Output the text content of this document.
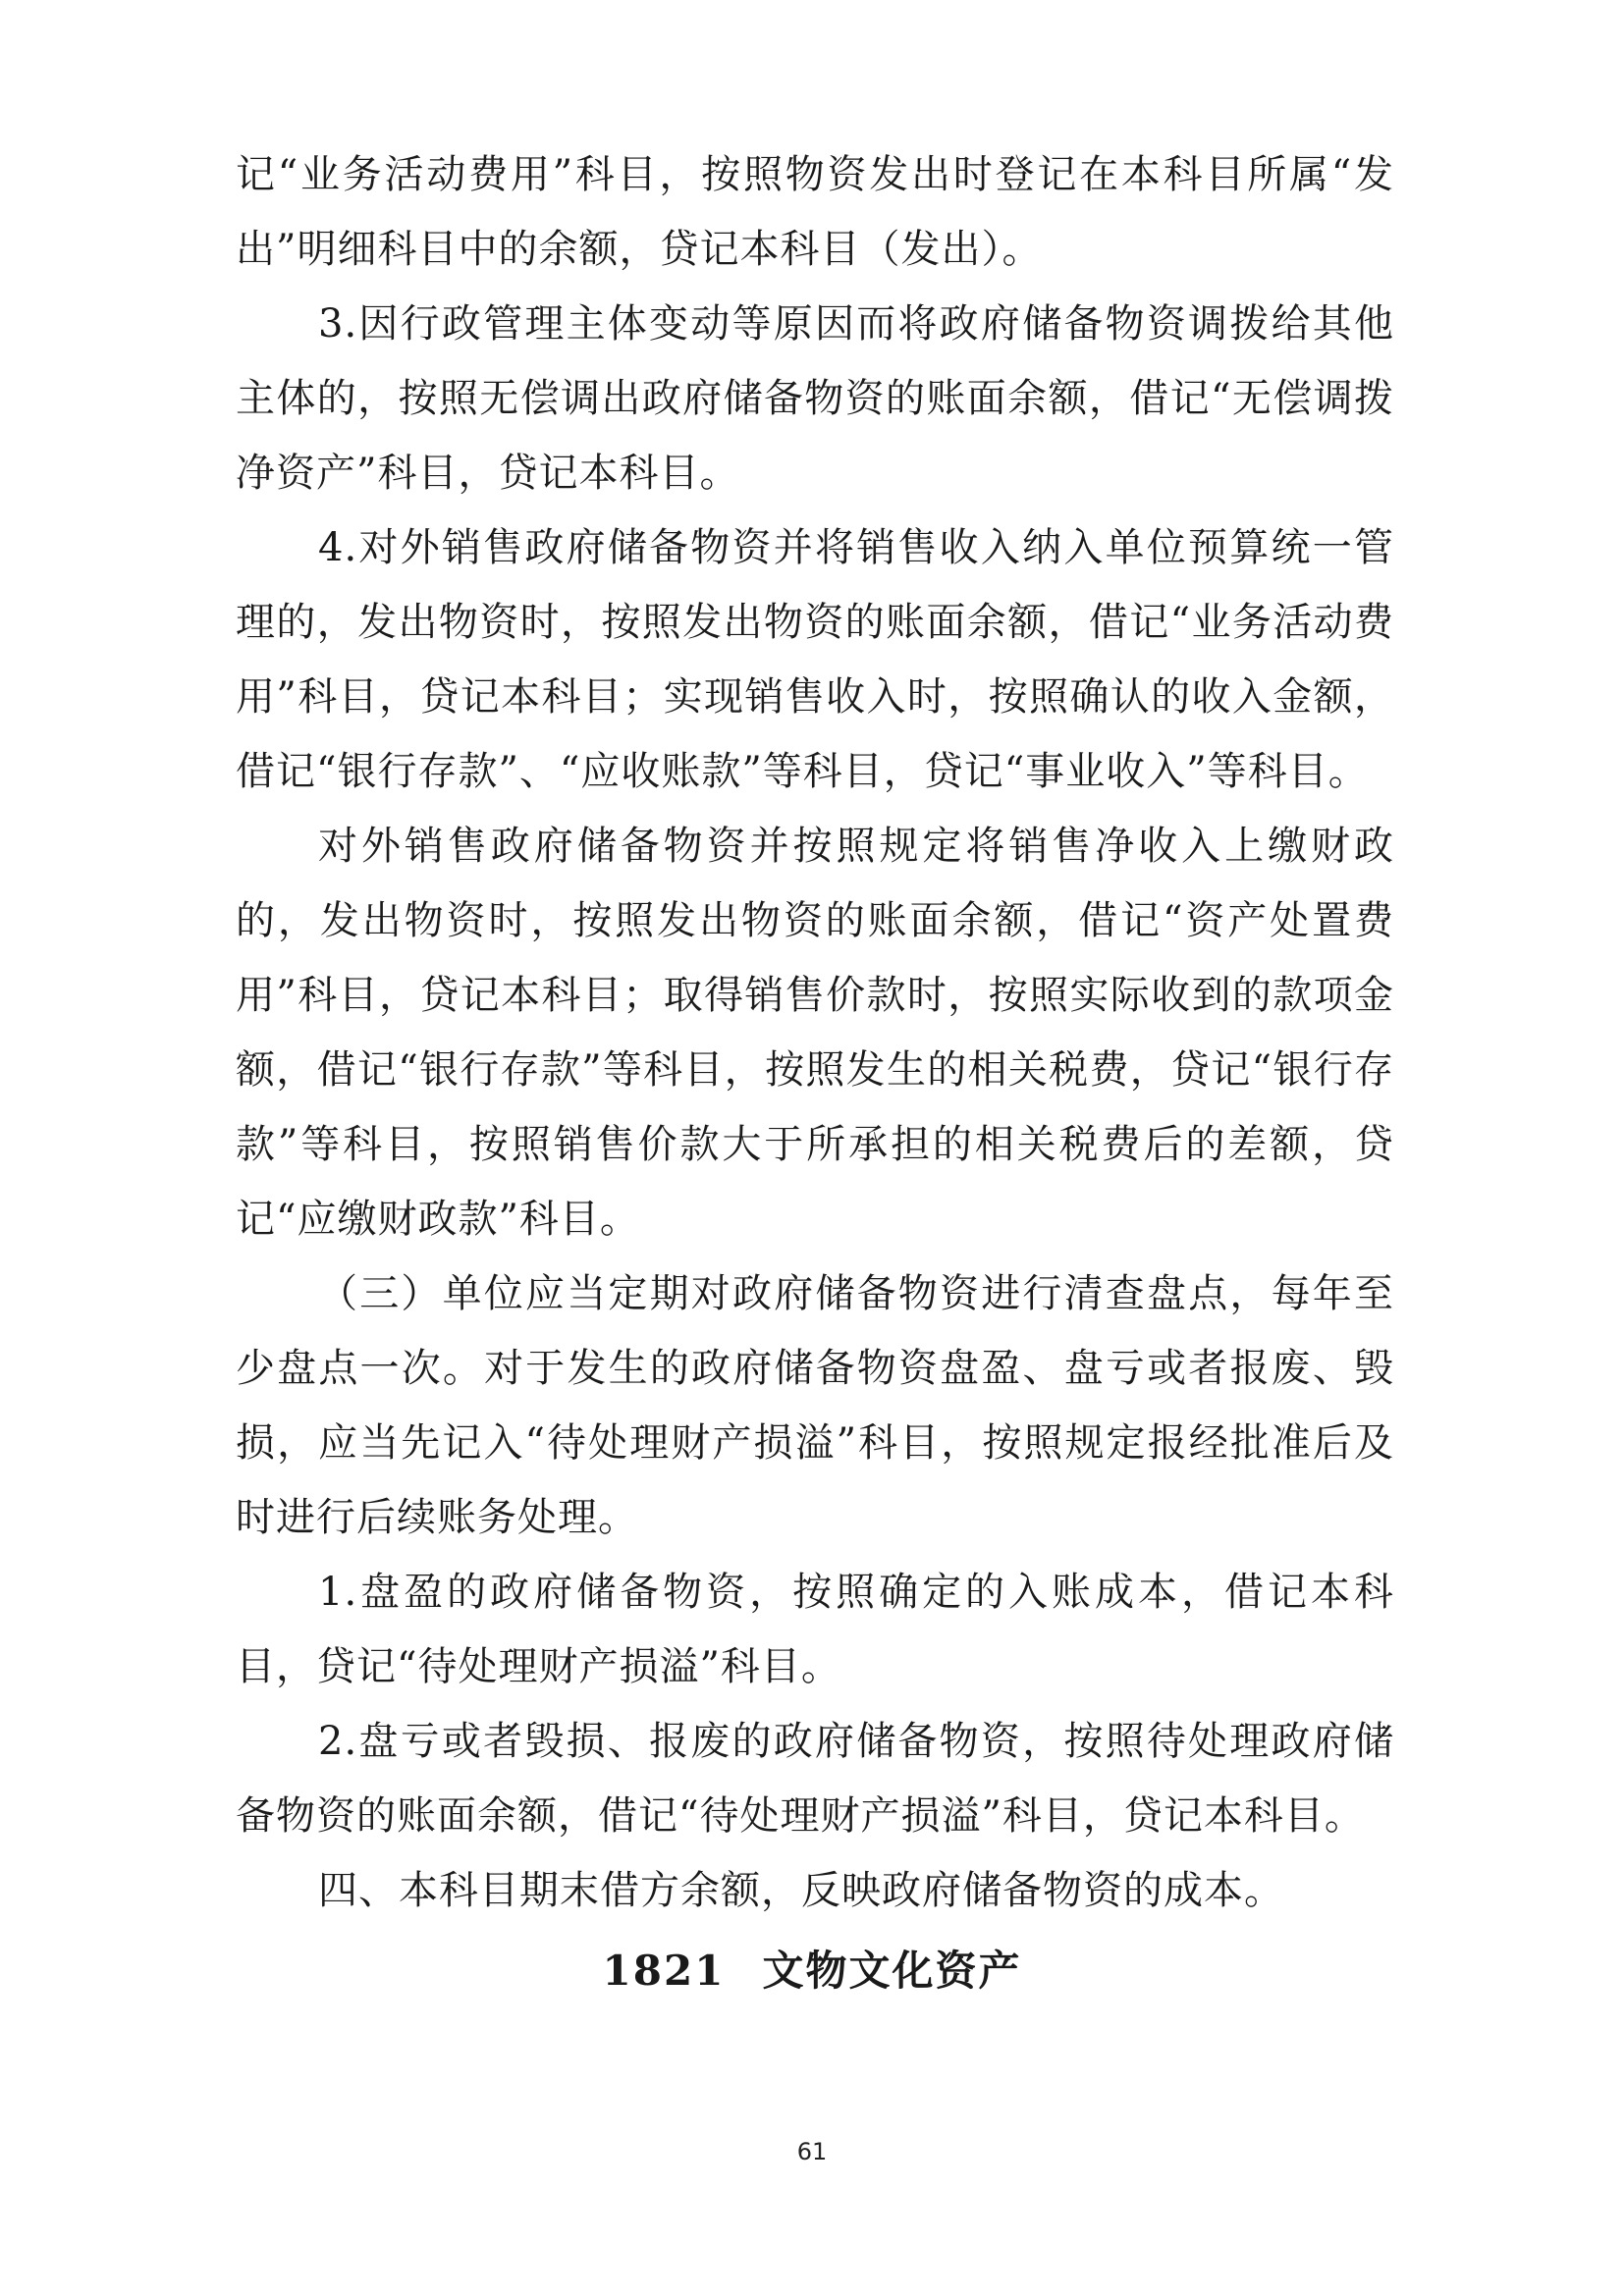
记“业务活动费用”科目，按照物资发出时登记在本科目所属“发出”明细科目中的余额，贷记本科目（发出）。

3.因行政管理主体变动等原因而将政府储备物资调拨给其他主体的，按照无偿调出政府储备物资的账面余额，借记“无偿调拨净资产”科目，贷记本科目。

4.对外销售政府储备物资并将销售收入纳入单位预算统一管理的，发出物资时，按照发出物资的账面余额，借记“业务活动费用”科目，贷记本科目；实现销售收入时，按照确认的收入金额，借记“银行存款”、“应收账款”等科目，贷记“事业收入”等科目。

对外销售政府储备物资并按照规定将销售净收入上缴财政的，发出物资时，按照发出物资的账面余额，借记“资产处置费用”科目，贷记本科目；取得销售价款时，按照实际收到的款项金额，借记“银行存款”等科目，按照发生的相关税费，贷记“银行存款”等科目，按照销售价款大于所承担的相关税费后的差额，贷记“应缴财政款”科目。

（三）单位应当定期对政府储备物资进行清查盘点，每年至少盘点一次。对于发生的政府储备物资盘盈、盘亏或者报废、毁损，应当先记入“待处理财产损溢”科目，按照规定报经批准后及时进行后续账务处理。

1.盘盈的政府储备物资，按照确定的入账成本，借记本科目，贷记“待处理财产损溢”科目。

2.盘亏或者毁损、报废的政府储备物资，按照待处理政府储备物资的账面余额，借记“待处理财产损溢”科目，贷记本科目。

四、本科目期末借方余额，反映政府储备物资的成本。

1821 文物文化资产
61
